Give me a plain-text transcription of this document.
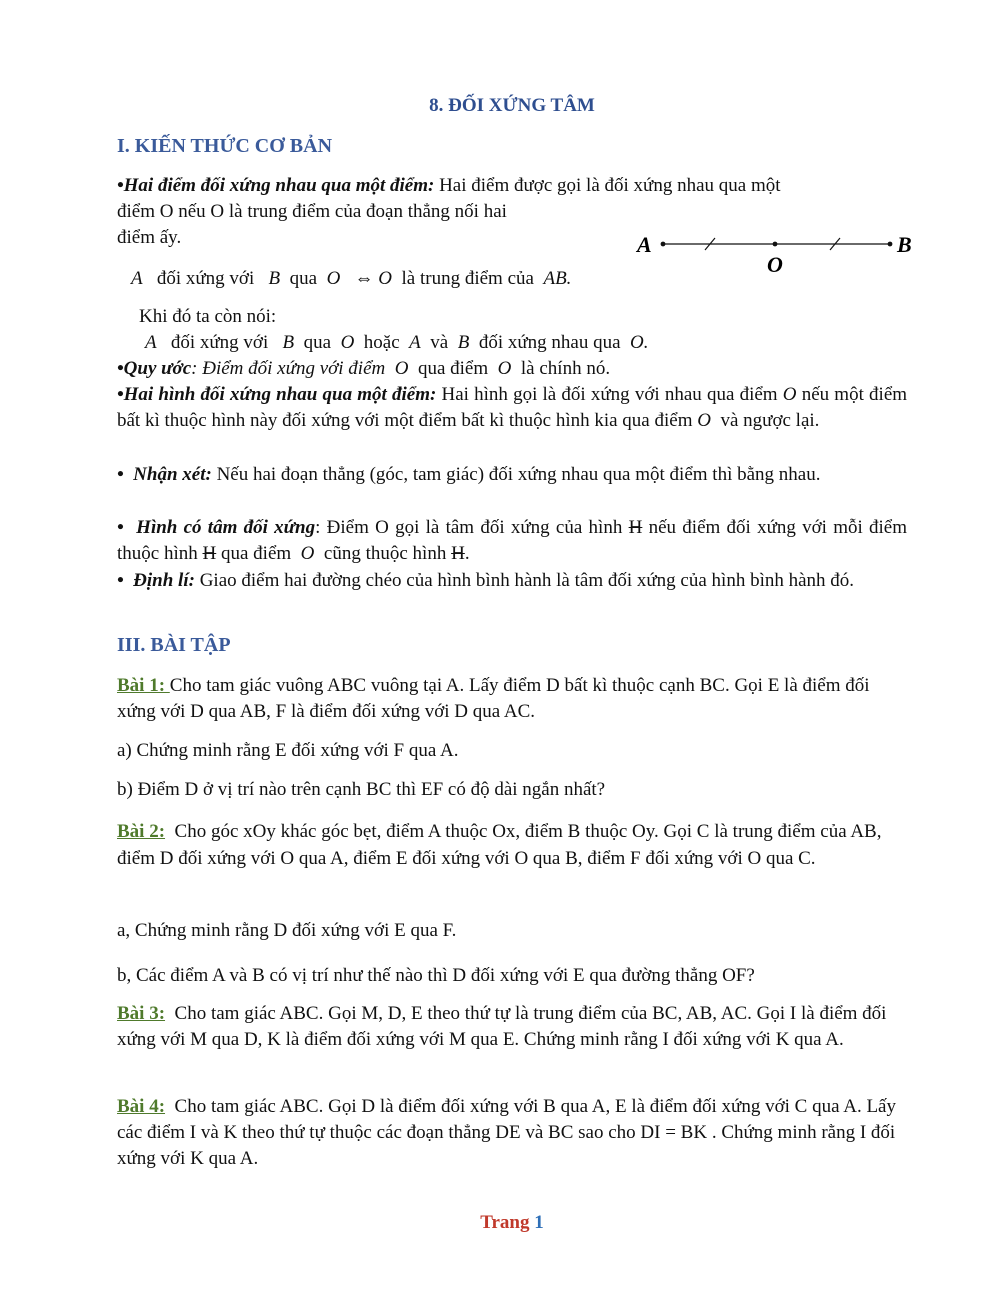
8. ĐỐI XỨNG TÂM
I. KIẾN THỨC CƠ BẢN
•Hai điểm đối xứng nhau qua một điểm: Hai điểm được gọi là đối xứng nhau qua một
điểm O nếu O là trung điểm của đoạn thẳng nối hai
điểm ấy.	A	B
O
A đối xứng với B qua O ⇔ O là trung điểm của AB.
Khi đó ta còn nói:
A đối xứng với B qua O hoặc A và B đối xứng nhau qua O.
•Quy ước: Điểm đối xứng với điểm O qua điểm O là chính nó.
•Hai hình đối xứng nhau qua một điểm: Hai hình gọi là đối xứng với nhau qua điểm O nếu một điểm bất kì thuộc hình này đối xứng với một điểm bất kì thuộc hình kia qua điểm O và ngược lại.
• Nhận xét: Nếu hai đoạn thẳng (góc, tam giác) đối xứng nhau qua một điểm thì bằng nhau.
• Hình có tâm đối xứng: Điểm O gọi là tâm đối xứng của hình H nếu điểm đối xứng với mỗi điểm thuộc hình H qua điểm O cũng thuộc hình H.
• Định lí: Giao điểm hai đường chéo của hình bình hành là tâm đối xứng của hình bình hành đó.
III. BÀI TẬP
Bài 1: Cho tam giác vuông ABC vuông tại A. Lấy điểm D bất kì thuộc cạnh BC. Gọi E là điểm đối xứng với D qua AB, F là điểm đối xứng với D qua AC.
a) Chứng minh rằng E đối xứng với F qua A.
b) Điểm D ở vị trí nào trên cạnh BC thì EF có độ dài ngắn nhất?
Bài 2: Cho góc xOy khác góc bẹt, điểm A thuộc Ox, điểm B thuộc Oy. Gọi C là trung điểm của AB, điểm D đối xứng với O qua A, điểm E đối xứng với O qua B, điểm F đối xứng với O qua C.
a, Chứng minh rằng D đối xứng với E qua F.
b, Các điểm A và B có vị trí như thế nào thì D đối xứng với E qua đường thẳng OF?
Bài 3: Cho tam giác ABC. Gọi M, D, E theo thứ tự là trung điểm của BC, AB, AC. Gọi I là điểm đối xứng với M qua D, K là điểm đối xứng với M qua E. Chứng minh rằng I đối xứng với K qua A.
Bài 4: Cho tam giác ABC. Gọi D là điểm đối xứng với B qua A, E là điểm đối xứng với C qua A. Lấy các điểm I và K theo thứ tự thuộc các đoạn thẳng DE và BC sao cho DI = BK . Chứng minh rằng I đối xứng với K qua A.
Trang 1
